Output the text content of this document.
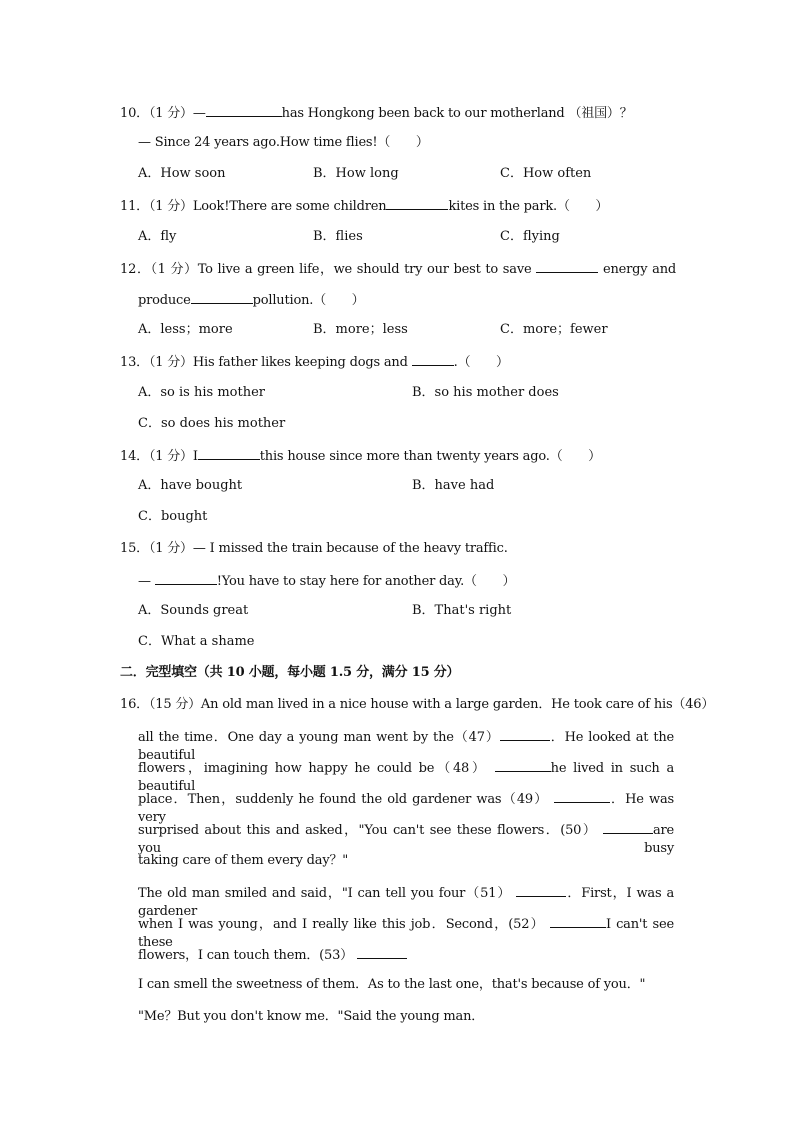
10．（1 分）—	has Hongkong been back to our motherland （祖国）？
— Since 24 years ago.How time flies!（　　）
A．How soon	B．How long	C．How often
11．（1 分）Look!There are some children	kites in the park.（　　）
A．fly	B．flies	C．flying
12．（1 分）To live a green life，we should try our best to save	energy and
produce	pollution.（　　）
A．less；more	B．more；less	C．more；fewer
13．（1 分）His father likes keeping dogs and	.（　　）
A．so is his mother	B．so his mother does
C．so does his mother
14．（1 分）I	this house since more than twenty years ago.（　　）
A．have bought	B．have had
C．bought
15．（1 分）— I missed the train because of the heavy traffic.
—	!You have to stay here for another day.（　　）
A．Sounds great	B．That's right
C．What a shame
二．完型填空（共 10 小题，每小题 1.5 分，满分 15 分）
16．（15 分）An old man lived in a nice house with a large garden．He took care of his（46）
all the time．One day a young man went by the（47）	．He looked at the beautiful
flowers，imagining how happy he could be（48）	he lived in such a beautiful
place．Then，suddenly he found the old gardener was（49）	．He was very
surprised about this and asked，"You can't see these flowers．(50）	are you busy
taking care of them every day？"
The old man smiled and said，"I can tell you four（51）	．First，I was a gardener
when I was young，and I really like this job．Second，(52）	I can't see these
flowers，I can touch them．(53）
I can smell the sweetness of them．As to the last one，that's because of you．"
"Me？But you don't know me．"Said the young man．
